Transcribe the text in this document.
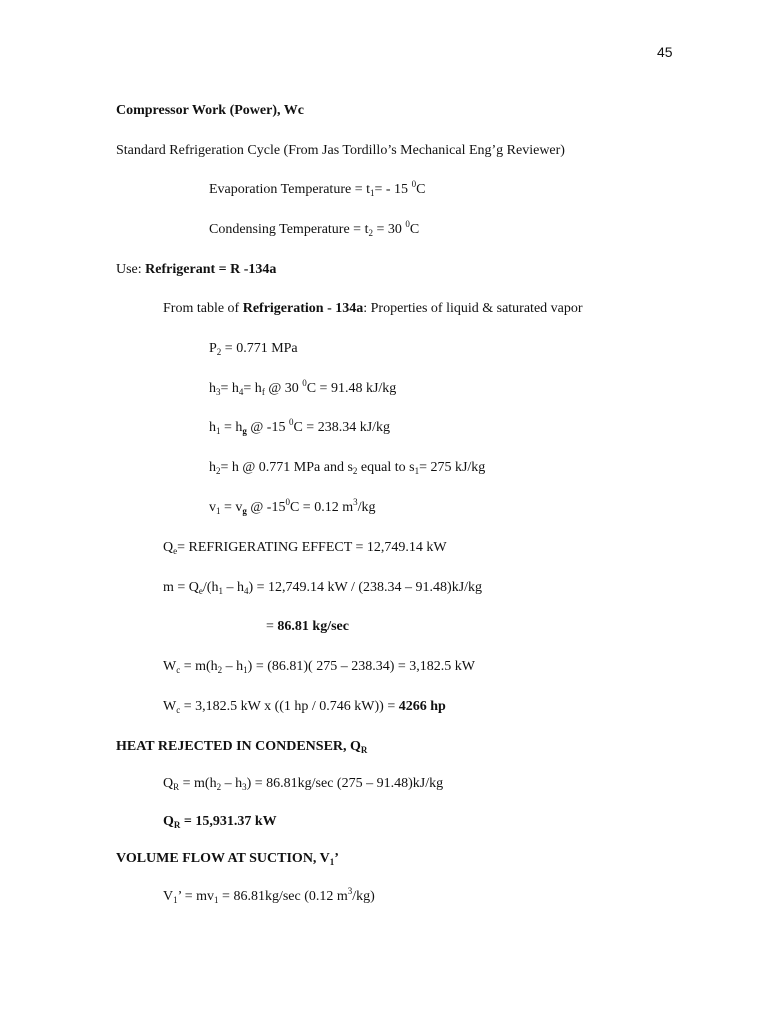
45
Compressor Work (Power), Wc
Standard Refrigeration Cycle (From Jas Tordillo’s Mechanical Eng’g Reviewer)
Evaporation Temperature = $t_1= - 15$ $^0$C
Condensing Temperature = $t_2 = 30$ $^0$C
Use: Refrigerant = R -134a
From table of Refrigeration - 134a: Properties of liquid & saturated vapor
$P_2 = 0.771$ MPa
$h_3= h_4= h_f$ @ 30 $^0$C = 91.48 kJ/kg
$h_1 = h_g$ @ -15 $^0$C = 238.34 kJ/kg
$h_2= h$ @ 0.771 MPa and $s_2$ equal to $s_1= 275$ kJ/kg
$v_1 = v_g$ @ $-15^0C = 0.12$ $m^3/kg$
$Q_e=$ REFRIGERATING EFFECT = 12,749.14 kW
$m = Q_e/(h_1 - h_4) = 12,749.14$ kW / (238.34 – 91.48)kJ/kg
= 86.81 kg/sec
$W_c = m(h_2 - h_1) = (86.81)$( 275 – 238.34) = 3,182.5 kW
$W_c = 3,182.5$ kW x ((1 hp / 0.746 kW)) = 4266 hp
HEAT REJECTED IN CONDENSER, $Q_R$
$Q_R = m(h_2 - h_3) = 86.81kg/\sec$ (275 – 91.48)kJ/kg
$Q_R = 15,931.37$ kW
VOLUME FLOW AT SUCTION, $V_1$’
$V_1$’ = $mv_1 = 86.81kg/\sec$ (0.12 $m^3/kg$)
